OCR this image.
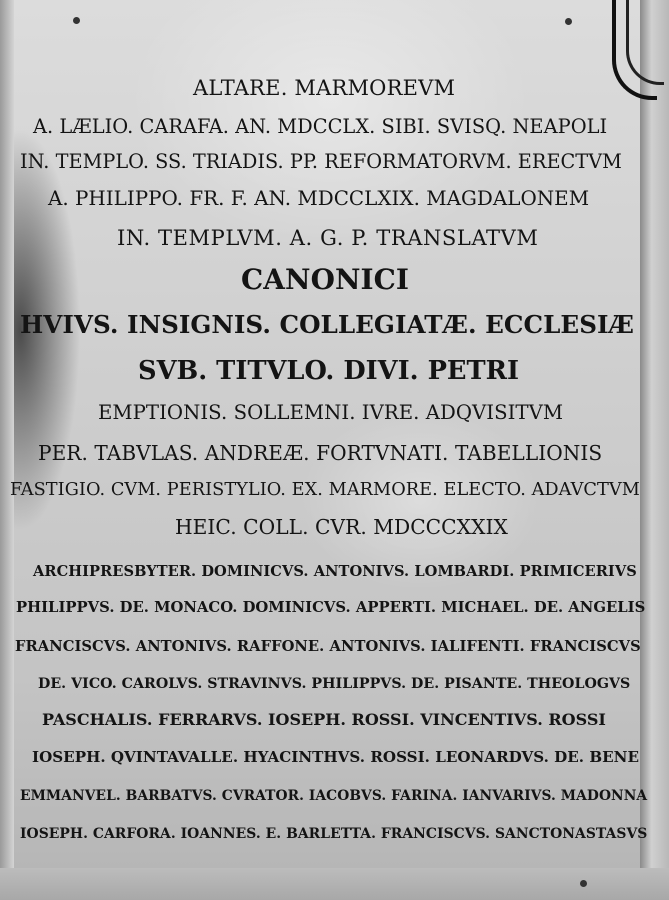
ALTARE. MARMOREVM
A. LÆLIO. CARAFA. AN. MDCCLX. SIBI. SVISQ. NEAPOLI
IN. TEMPLO. SS. TRIADIS. PP. REFORMATORVM. ERECTVM
A. PHILIPPO. FR. F. AN. MDCCLXIX. MAGDALONEM
IN. TEMPLVM. A. G. P. TRANSLATVM
CANONICI
HVIVS. INSIGNIS. COLLEGIATÆ. ECCLESIÆ
SVB. TITVLO. DIVI. PETRI
EMPTIONIS. SOLLEMNI. IVRE. ADQVISITVM
PER. TABVLAS. ANDREÆ. FORTVNATI. TABELLIONIS
FASTIGIO. CVM. PERISTYLIO. EX. MARMORE. ELECTO. ADAVCTVM
HEIC. COLL. CVR. MDCCCXXIX
ARCHIPRESBYTER. DOMINICVS. ANTONIVS. LOMBARDI. PRIMICERIVS
PHILIPPVS. DE. MONACO. DOMINICVS. APPERTI. MICHAEL. DE. ANGELIS
FRANCISCVS. ANTONIVS. RAFFONE. ANTONIVS. IALIFENTI. FRANCISCVS
DE. VICO. CAROLVS. STRAVINVS. PHILIPPVS. DE. PISANTE. THEOLOGVS
PASCHALIS. FERRARVS. IOSEPH. ROSSI. VINCENTIVS. ROSSI
IOSEPH. QVINTAVALLE. HYACINTHVS. ROSSI. LEONARDVS. DE. BENE
EMMANVEL. BARBATVS. CVRATOR. IACOBVS. FARINA. IANVARIVS. MADONNA
IOSEPH. CARFORA. IOANNES. E. BARLETTA. FRANCISCVS. SANCTONASTASVS
